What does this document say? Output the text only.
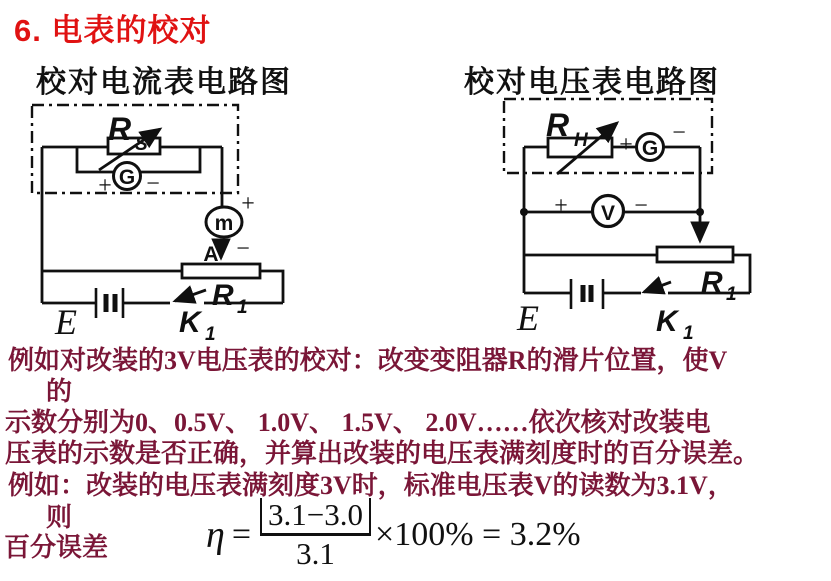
6. 电表的校对
校对电流表电路图	校对电压表电路图
R S
G
+ −
m
+
A −
R 1
E	K 1
R H + G
−
+ V −
R 1
E	K 1
例如对改装的3V电压表的校对：改变变阻器R的滑片位置，使V
的
示数分别为0、0.5V、 1.0V、 1.5V、 2.0V……依次核对改装电
压表的示数是否正确，并算出改装的电压表满刻度时的百分误差。
例如：改装的电压表满刻度3V时，标准电压表V的读数为3.1V，
则
百分误差	$\eta = \frac{3.1-3.0}{3.1} \times 100\% = 3.2\%$
